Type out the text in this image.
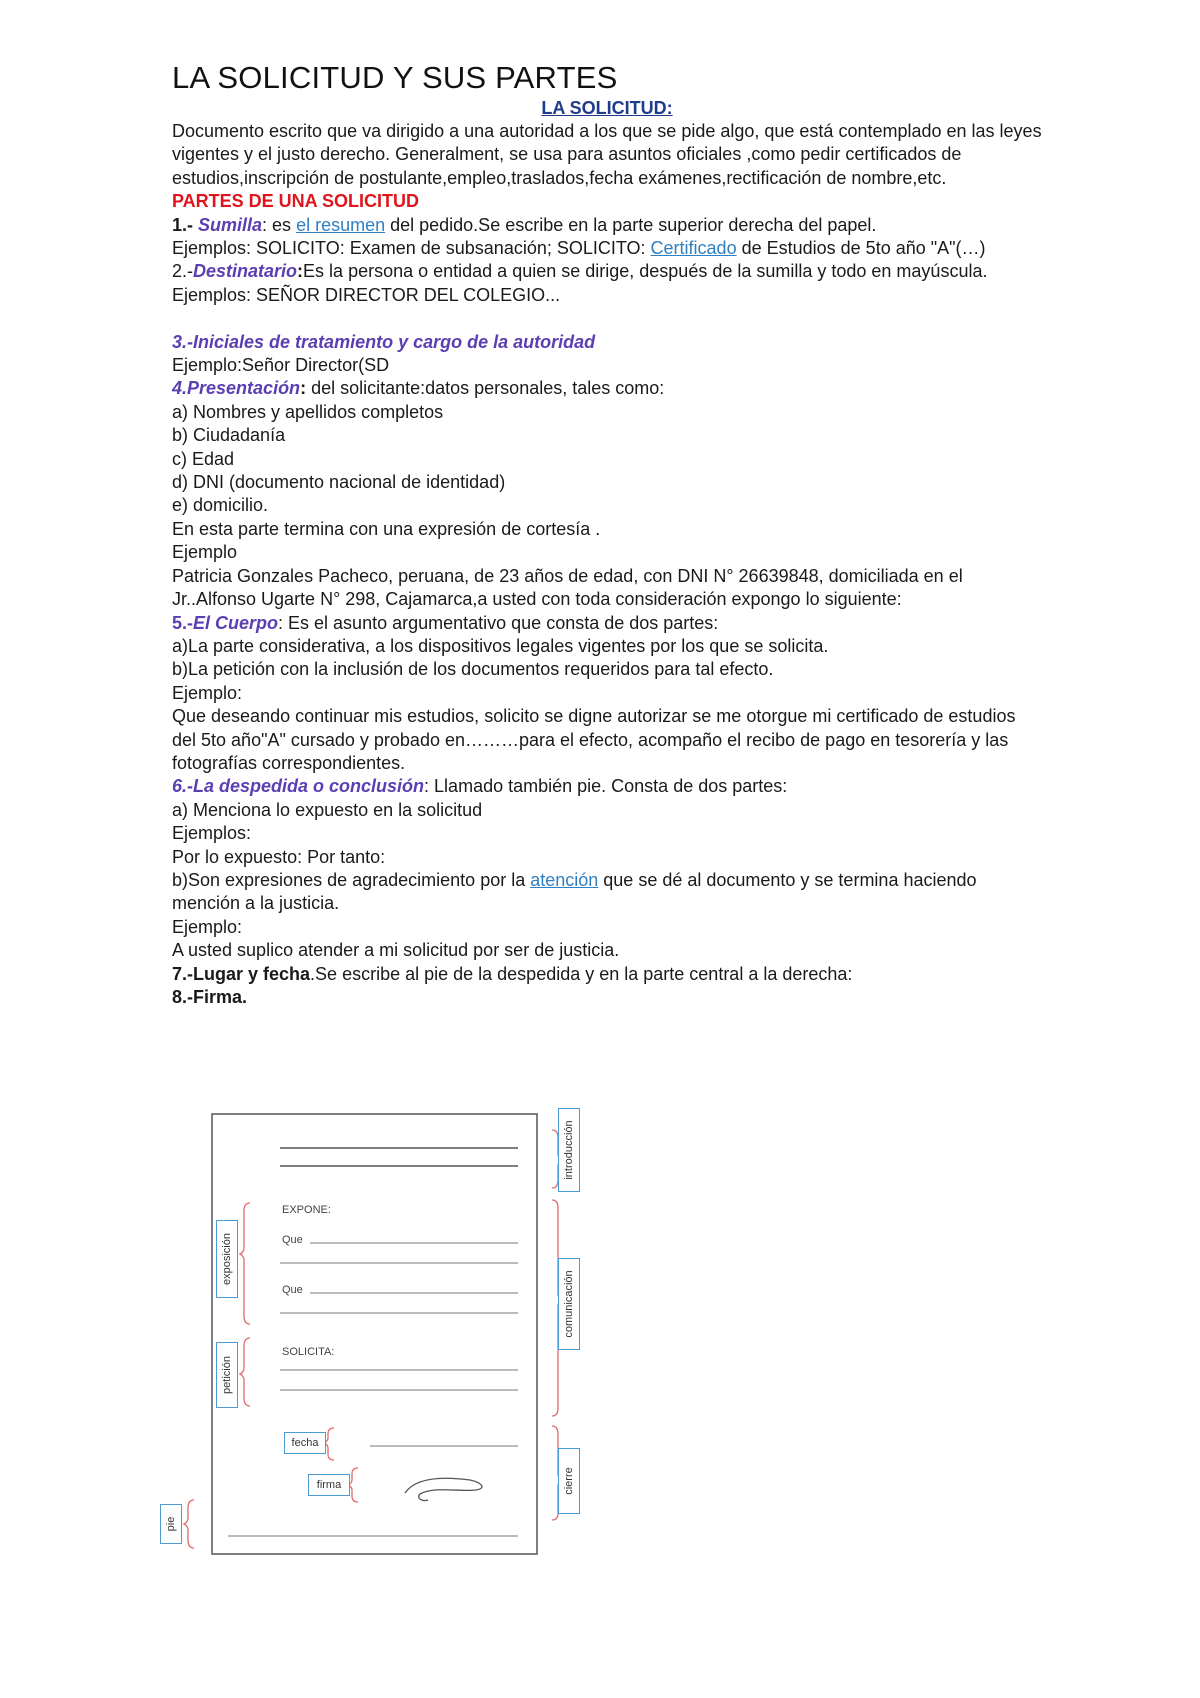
LA SOLICITUD Y SUS PARTES
LA SOLICITUD:
Documento escrito que va dirigido a una autoridad a los que se pide algo, que está contemplado en las leyes vigentes y el justo derecho. Generalment, se usa para asuntos oficiales ,como pedir certificados de estudios,inscripción de postulante,empleo,traslados,fecha exámenes,rectificación de nombre,etc.
PARTES DE UNA SOLICITUD
1.- Sumilla: es el resumen del pedido.Se escribe en la parte superior derecha del papel.
Ejemplos: SOLICITO: Examen de subsanación; SOLICITO: Certificado de Estudios de 5to año "A"(…)
2.-Destinatario:Es la persona o entidad a quien se dirige, después de la sumilla y todo en mayúscula.
Ejemplos: SEÑOR DIRECTOR DEL COLEGIO...
3.-Iniciales de tratamiento y cargo de la autoridad
Ejemplo:Señor Director(SD
4.Presentación: del solicitante:datos personales, tales como:
a) Nombres y apellidos completos
b) Ciudadanía
c) Edad
d) DNI (documento nacional de identidad)
e) domicilio.
En esta parte termina con una expresión de cortesía .
Ejemplo
Patricia Gonzales Pacheco, peruana, de 23 años de edad, con DNI N° 26639848, domiciliada en el Jr..Alfonso Ugarte N° 298, Cajamarca,a usted con toda consideración expongo lo siguiente:
5.-El Cuerpo: Es el asunto argumentativo que consta de dos partes:
a)La parte considerativa, a los dispositivos legales vigentes por los que se solicita.
b)La petición con la inclusión de los documentos requeridos para tal efecto.
Ejemplo:
Que deseando continuar mis estudios, solicito se digne autorizar se me otorgue mi certificado de estudios del 5to año"A" cursado y probado en………para el efecto, acompaño el recibo de pago en tesorería y las fotografías correspondientes.
6.-La despedida o conclusión: Llamado también pie. Consta de dos partes:
a) Menciona lo expuesto en la solicitud
Ejemplos:
Por lo expuesto: Por tanto:
b)Son expresiones de agradecimiento por la atención que se dé al documento y se termina haciendo mención a la justicia.
Ejemplo:
A usted suplico atender a mi solicitud por ser de justicia.
7.-Lugar y fecha.Se escribe al pie de la despedida y en la parte central a la derecha:
8.-Firma.
EXPONE:
Que
Que
SOLICITA:
introducción
comunicación
cierre
exposición
petición
fecha
firma
pie
